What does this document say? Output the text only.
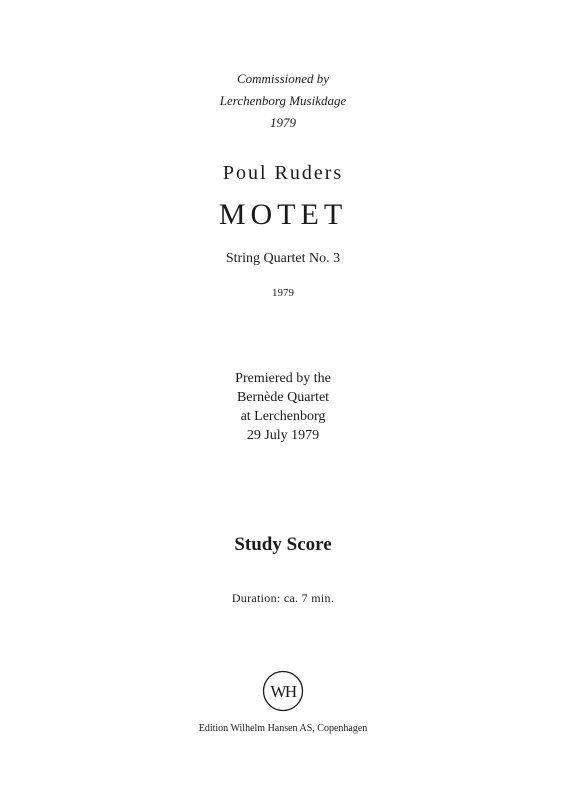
Commissioned by
Lerchenborg Musikdage
1979
Poul Ruders
MOTET
String Quartet No. 3
1979
Premiered by the
Bernède Quartet
at Lerchenborg
29 July 1979
Study Score
Duration: ca. 7 min.
WH
Edition Wilhelm Hansen AS, Copenhagen
